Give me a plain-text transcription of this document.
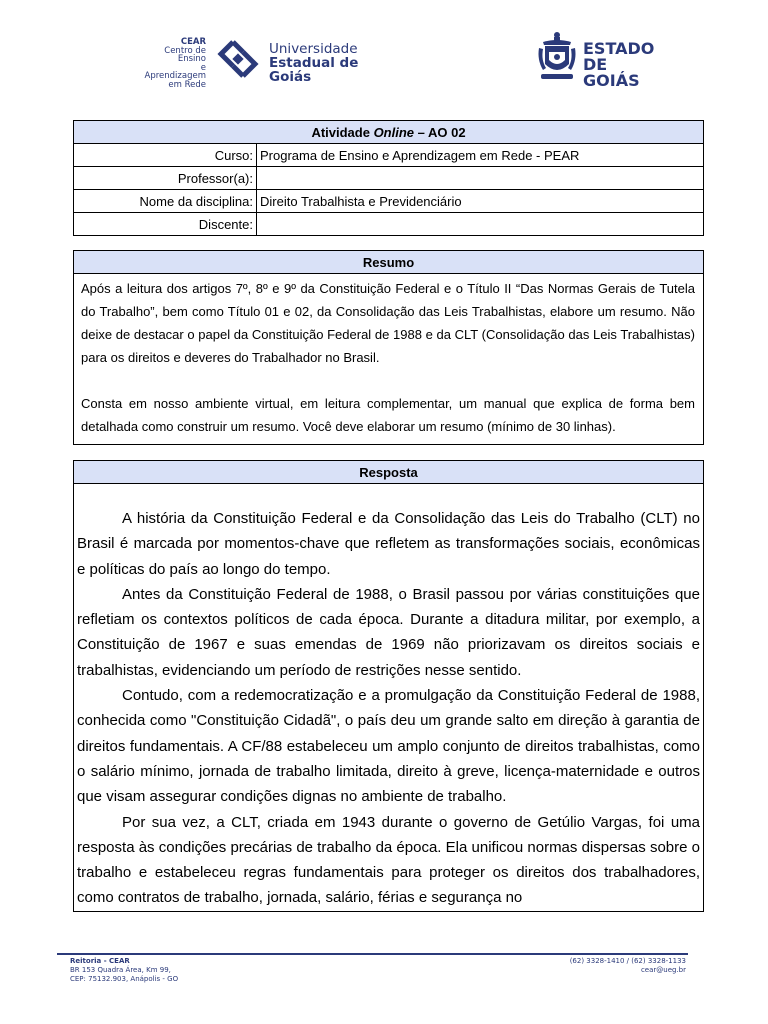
CEAR
Centro de Ensino
e Aprendizagem
em Rede
Universidade
Estadual de Goiás
ESTADO
DE GOIÁS
Atividade Online – AO 02	
Curso:	Programa de Ensino e Aprendizagem em Rede - PEAR
Professor(a):	
Nome da disciplina:	Direito Trabalhista e Previdenciário
Discente:	
Resumo

Após a leitura dos artigos 7º, 8º e 9º da Constituição Federal e o Título II “Das Normas Gerais de Tutela do Trabalho”, bem como Título 01 e 02, da Consolidação das Leis Trabalhistas, elabore um resumo. Não deixe de destacar o papel da Constituição Federal de 1988 e da CLT (Consolidação das Leis Trabalhistas) para os direitos e deveres do Trabalhador no Brasil.

Consta em nosso ambiente virtual, em leitura complementar, um manual que explica de forma bem detalhada como construir um resumo. Você deve elaborar um resumo (mínimo de 30 linhas).

Resposta

A história da Constituição Federal e da Consolidação das Leis do Trabalho (CLT) no Brasil é marcada por momentos-chave que refletem as transformações sociais, econômicas e políticas do país ao longo do tempo.

Antes da Constituição Federal de 1988, o Brasil passou por várias constituições que refletiam os contextos políticos de cada época. Durante a ditadura militar, por exemplo, a Constituição de 1967 e suas emendas de 1969 não priorizavam os direitos sociais e trabalhistas, evidenciando um período de restrições nesse sentido.

Contudo, com a redemocratização e a promulgação da Constituição Federal de 1988, conhecida como "Constituição Cidadã", o país deu um grande salto em direção à garantia de direitos fundamentais. A CF/88 estabeleceu um amplo conjunto de direitos trabalhistas, como o salário mínimo, jornada de trabalho limitada, direito à greve, licença-maternidade e outros que visam assegurar condições dignas no ambiente de trabalho.

Por sua vez, a CLT, criada em 1943 durante o governo de Getúlio Vargas, foi uma resposta às condições precárias de trabalho da época. Ela unificou normas dispersas sobre o trabalho e estabeleceu regras fundamentais para proteger os direitos dos trabalhadores, como contratos de trabalho, jornada, salário, férias e segurança no

Reitoria - CEAR
BR 153 Quadra Área, Km 99,
CEP: 75132.903, Anápolis - GO
(62) 3328-1410 / (62) 3328-1133
cear@ueg.br
